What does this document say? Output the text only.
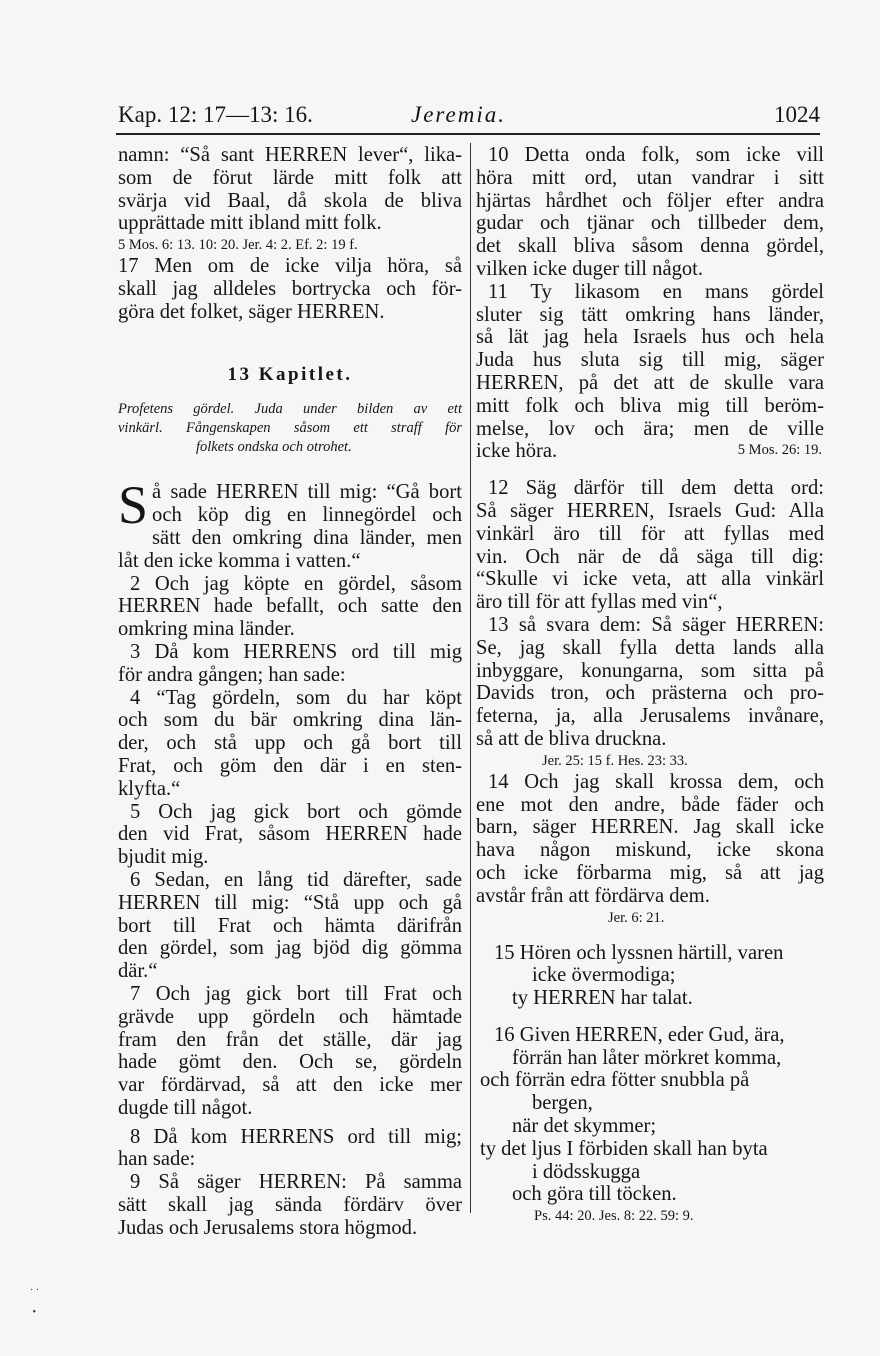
Kap. 12: 17—13: 16.	Jeremia.	1024
namn: “Så sant HERREN lever“, lika-
som de förut lärde mitt folk att
svärja vid Baal, då skola de bliva
upprättade mitt ibland mitt folk.
5 Mos. 6: 13. 10: 20. Jer. 4: 2. Ef. 2: 19 f.
17 Men om de icke vilja höra, så
skall jag alldeles bortrycka och för-
göra det folket, säger HERREN.
13 Kapitlet.
Profetens gördel. Juda under bilden av ett
vinkärl. Fångenskapen såsom ett straff för
folkets ondska och otrohet.
S å sade HERREN till mig: “Gå bort
och köp dig en linnegördel och
sätt den omkring dina länder, men
låt den icke komma i vatten.“
2 Och jag köpte en gördel, såsom
HERREN hade befallt, och satte den
omkring mina länder.
3 Då kom HERRENS ord till mig
för andra gången; han sade:
4 “Tag gördeln, som du har köpt
och som du bär omkring dina län-
der, och stå upp och gå bort till
Frat, och göm den där i en sten-
klyfta.“
5 Och jag gick bort och gömde
den vid Frat, såsom HERREN hade
bjudit mig.
6 Sedan, en lång tid därefter, sade
HERREN till mig: “Stå upp och gå
bort till Frat och hämta därifrån
den gördel, som jag bjöd dig gömma
där.“
7 Och jag gick bort till Frat och
grävde upp gördeln och hämtade
fram den från det ställe, där jag
hade gömt den. Och se, gördeln
var fördärvad, så att den icke mer
dugde till något.
8 Då kom HERRENS ord till mig;
han sade:
9 Så säger HERREN: På samma
sätt skall jag sända fördärv över
Judas och Jerusalems stora högmod.
10 Detta onda folk, som icke vill
höra mitt ord, utan vandrar i sitt
hjärtas hårdhet och följer efter andra
gudar och tjänar och tillbeder dem,
det skall bliva såsom denna gördel,
vilken icke duger till något.
11 Ty likasom en mans gördel
sluter sig tätt omkring hans länder,
så lät jag hela Israels hus och hela
Juda hus sluta sig till mig, säger
HERREN, på det att de skulle vara
mitt folk och bliva mig till beröm-
melse, lov och ära; men de ville
icke höra.	5 Mos. 26: 19.
12 Säg därför till dem detta ord:
Så säger HERREN, Israels Gud: Alla
vinkärl äro till för att fyllas med
vin. Och när de då säga till dig:
“Skulle vi icke veta, att alla vinkärl
äro till för att fyllas med vin“,
13 så svara dem: Så säger HERREN:
Se, jag skall fylla detta lands alla
inbyggare, konungarna, som sitta på
Davids tron, och prästerna och pro-
feterna, ja, alla Jerusalems invånare,
så att de bliva druckna.
Jer. 25: 15 f. Hes. 23: 33.
14 Och jag skall krossa dem, och
ene mot den andre, både fäder och
barn, säger HERREN. Jag skall icke
hava någon miskund, icke skona
och icke förbarma mig, så att jag
avstår från att fördärva dem.
Jer. 6: 21.
15 Hören och lyssnen härtill, varen
icke övermodiga;
ty HERREN har talat.
16 Given HERREN, eder Gud, ära,
förrän han låter mörkret komma,
och förrän edra fötter snubbla på
bergen,
när det skymmer;
ty det ljus I förbiden skall han byta
i dödsskugga
och göra till töcken.
Ps. 44: 20. Jes. 8: 22. 59: 9.
· ·

•
